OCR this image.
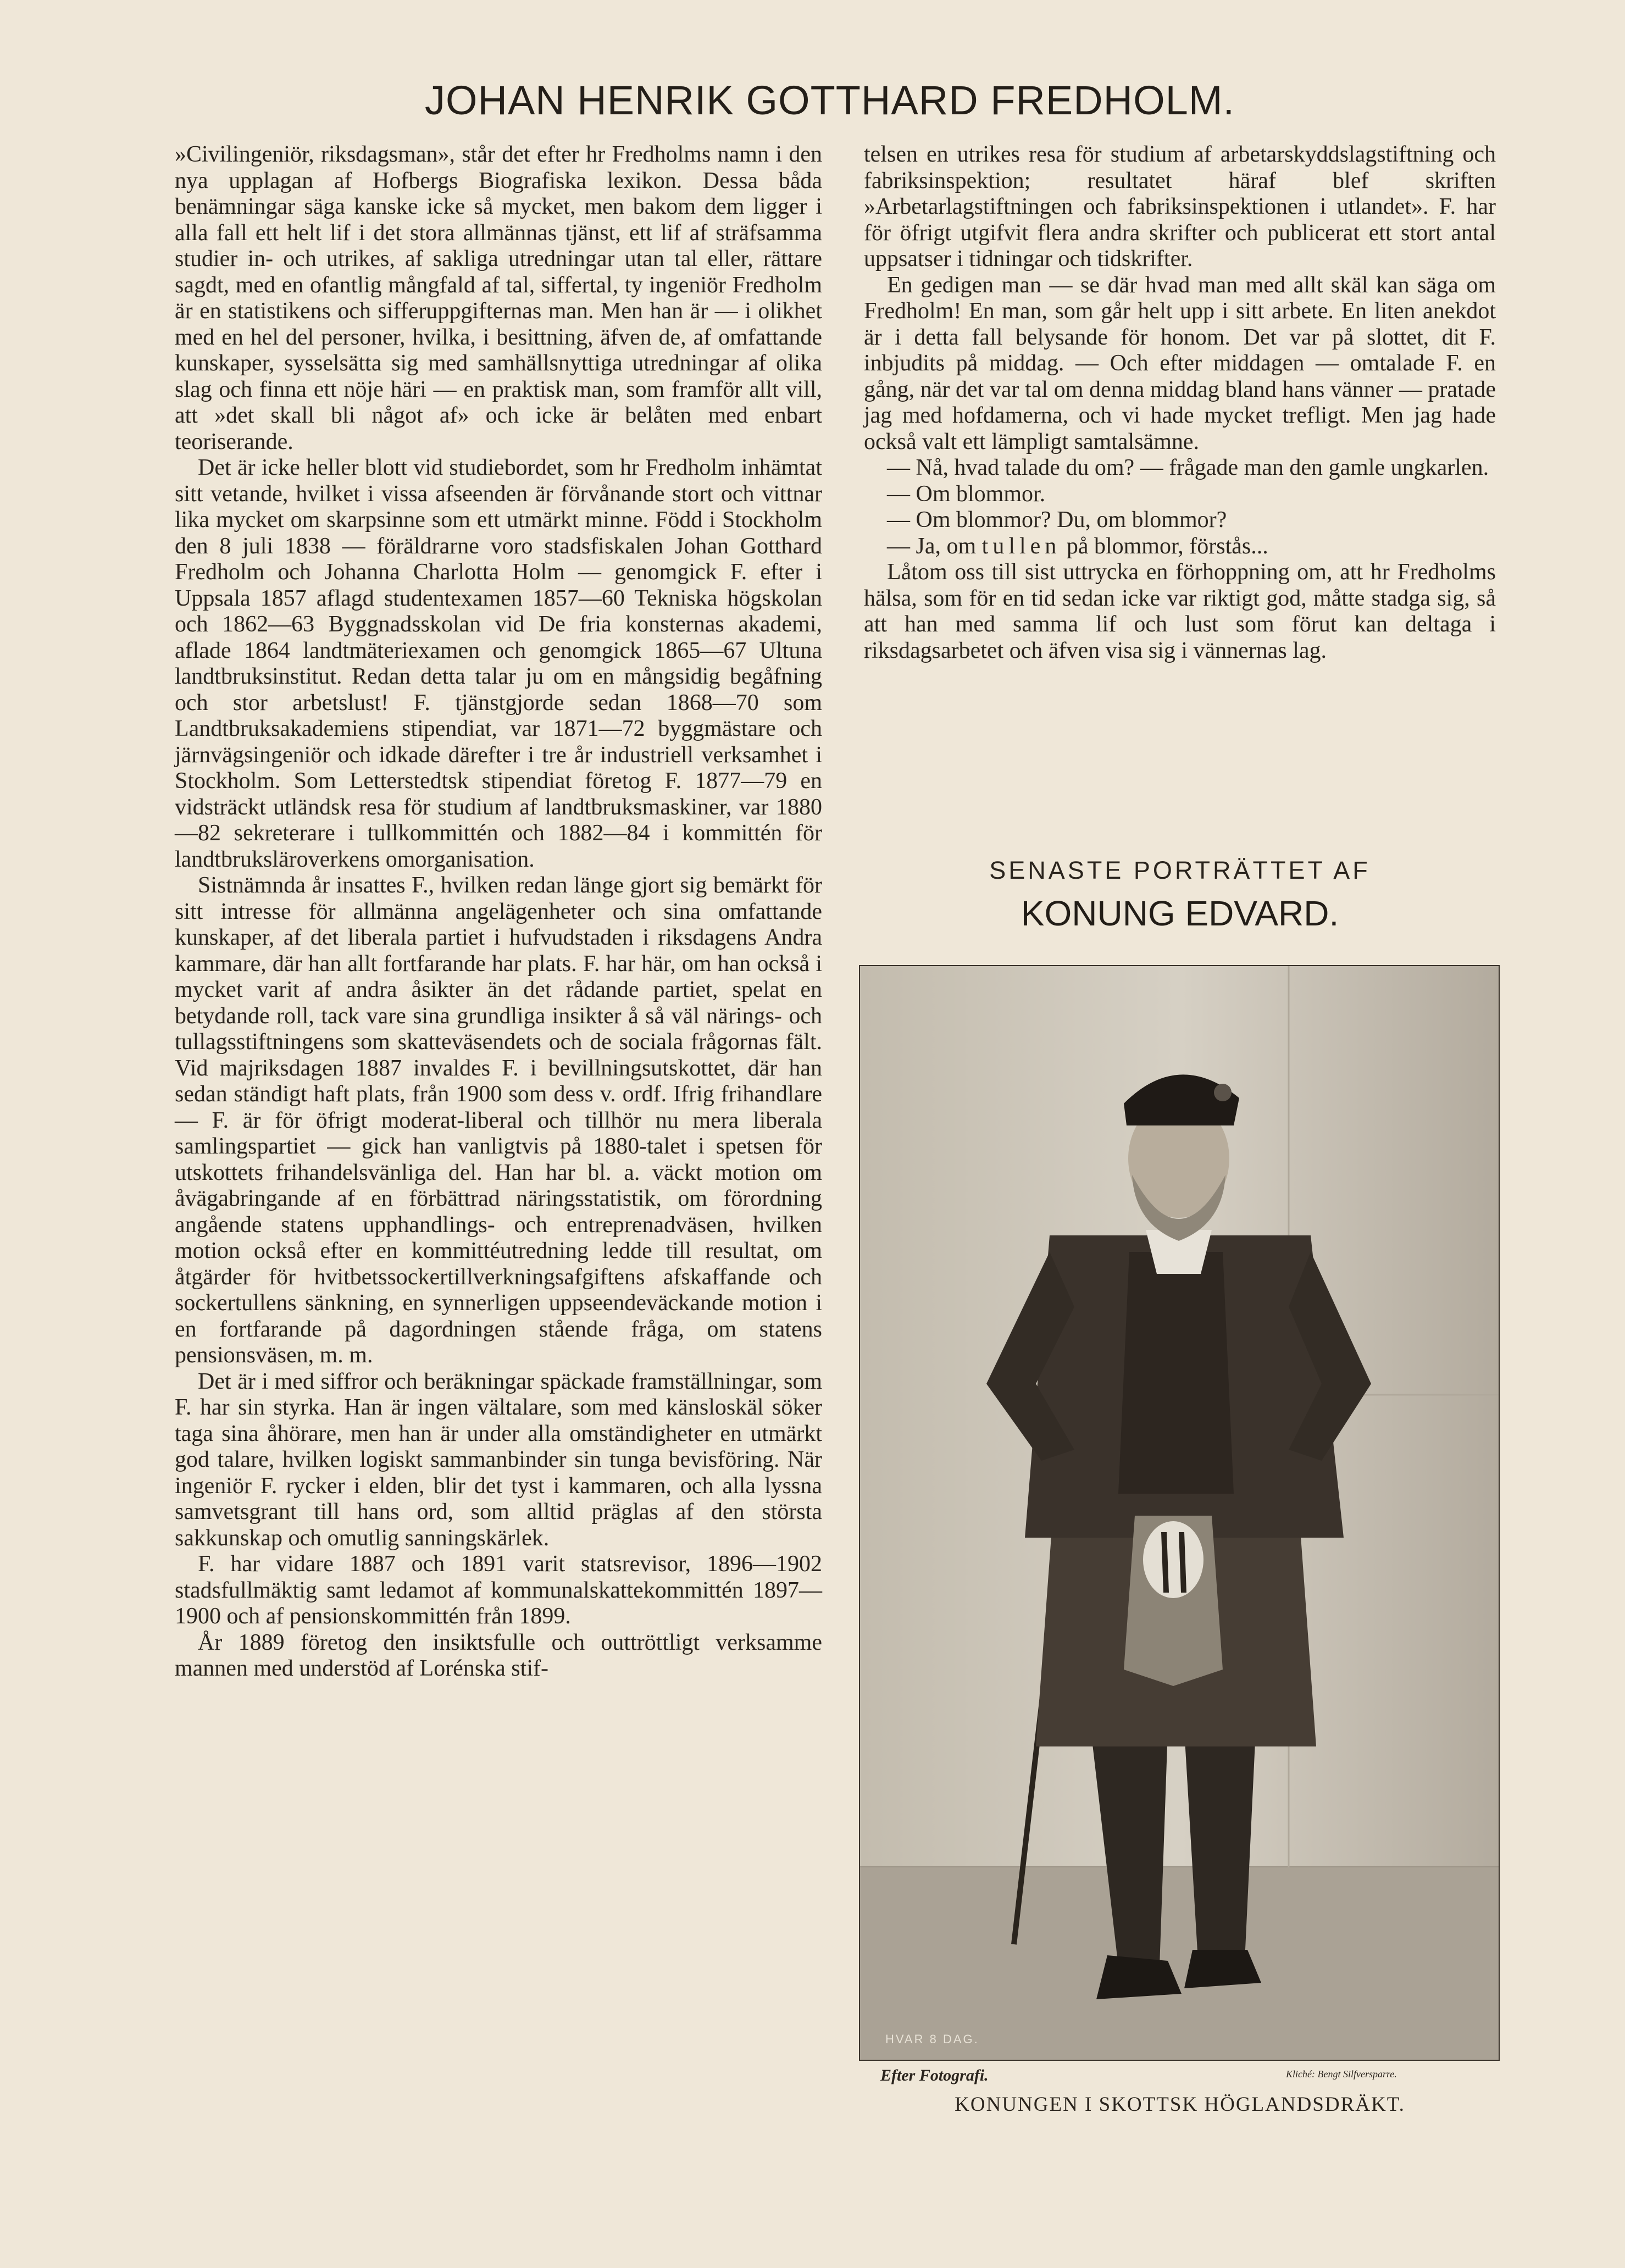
JOHAN HENRIK GOTTHARD FREDHOLM.

»Civilingeniör, riksdagsman», står det efter hr Fredholms namn i den nya upplagan af Hofbergs Biografiska lexikon. Dessa båda benämningar säga kanske icke så mycket, men bakom dem ligger i alla fall ett helt lif i det stora allmännas tjänst, ett lif af sträfsamma studier in- och utrikes, af sakliga utredningar utan tal eller, rättare sagdt, med en ofantlig mångfald af tal, siffertal, ty ingeniör Fredholm är en statistikens och sifferuppgifternas man. Men han är — i olikhet med en hel del personer, hvilka, i besittning, äfven de, af omfattande kunskaper, sysselsätta sig med samhällsnyttiga utredningar af olika slag och finna ett nöje häri — en praktisk man, som framför allt vill, att »det skall bli något af» och icke är belåten med enbart teoriserande.

Det är icke heller blott vid studiebordet, som hr Fredholm inhämtat sitt vetande, hvilket i vissa afseenden är förvånande stort och vittnar lika mycket om skarpsinne som ett utmärkt minne. Född i Stockholm den 8 juli 1838 — föräldrarne voro stadsfiskalen Johan Gotthard Fredholm och Johanna Charlotta Holm — genomgick F. efter i Uppsala 1857 aflagd studentexamen 1857—60 Tekniska högskolan och 1862—63 Byggnadsskolan vid De fria konsternas akademi, aflade 1864 landtmäteriexamen och genomgick 1865—67 Ultuna landtbruksinstitut. Redan detta talar ju om en mångsidig begåfning och stor arbetslust! F. tjänstgjorde sedan 1868—70 som Landtbruksakademiens stipendiat, var 1871—72 byggmästare och järnvägsingeniör och idkade därefter i tre år industriell verksamhet i Stockholm. Som Letterstedtsk stipendiat företog F. 1877—79 en vidsträckt utländsk resa för studium af landtbruksmaskiner, var 1880—82 sekreterare i tullkommittén och 1882—84 i kommittén för landtbruksläroverkens omorganisation.

Sistnämnda år insattes F., hvilken redan länge gjort sig bemärkt för sitt intresse för allmänna angelägenheter och sina omfattande kunskaper, af det liberala partiet i hufvudstaden i riksdagens Andra kammare, där han allt fortfarande har plats. F. har här, om han också i mycket varit af andra åsikter än det rådande partiet, spelat en betydande roll, tack vare sina grundliga insikter å så väl närings- och tullagsstiftningens som skatteväsendets och de sociala frågornas fält. Vid majriksdagen 1887 invaldes F. i bevillningsutskottet, där han sedan ständigt haft plats, från 1900 som dess v. ordf. Ifrig frihandlare — F. är för öfrigt moderat-liberal och tillhör nu mera liberala samlingspartiet — gick han vanligtvis på 1880-talet i spetsen för utskottets frihandelsvänliga del. Han har bl. a. väckt motion om åvägabringande af en förbättrad näringsstatistik, om förordning angående statens upphandlings- och entreprenadväsen, hvilken motion också efter en kommittéutredning ledde till resultat, om åtgärder för hvitbetssockertillverkningsafgiftens afskaffande och sockertullens sänkning, en synnerligen uppseendeväckande motion i en fortfarande på dagordningen stående fråga, om statens pensionsväsen, m. m.

Det är i med siffror och beräkningar späckade framställningar, som F. har sin styrka. Han är ingen vältalare, som med känsloskäl söker taga sina åhörare, men han är under alla omständigheter en utmärkt god talare, hvilken logiskt sammanbinder sin tunga bevisföring. När ingeniör F. rycker i elden, blir det tyst i kammaren, och alla lyssna samvetsgrant till hans ord, som alltid präglas af den största sakkunskap och omutlig sanningskärlek.

F. har vidare 1887 och 1891 varit statsrevisor, 1896—1902 stadsfullmäktig samt ledamot af kommunalskattekommittén 1897—1900 och af pensionskommittén från 1899.

År 1889 företog den insiktsfulle och outtröttligt verksamme mannen med understöd af Lorénska stif-

telsen en utrikes resa för studium af arbetarskyddslagstiftning och fabriksinspektion; resultatet häraf blef skriften »Arbetarlagstiftningen och fabriksinspektionen i utlandet». F. har för öfrigt utgifvit flera andra skrifter och publicerat ett stort antal uppsatser i tidningar och tidskrifter.

En gedigen man — se där hvad man med allt skäl kan säga om Fredholm! En man, som går helt upp i sitt arbete. En liten anekdot är i detta fall belysande för honom. Det var på slottet, dit F. inbjudits på middag. — Och efter middagen — omtalade F. en gång, när det var tal om denna middag bland hans vänner — pratade jag med hofdamerna, och vi hade mycket trefligt. Men jag hade också valt ett lämpligt samtalsämne.

— Nå, hvad talade du om? — frågade man den gamle ungkarlen.

— Om blommor.

— Om blommor? Du, om blommor?

— Ja, om tullen på blommor, förstås...

Låtom oss till sist uttrycka en förhoppning om, att hr Fredholms hälsa, som för en tid sedan icke var riktigt god, måtte stadga sig, så att han med samma lif och lust som förut kan deltaga i riksdagsarbetet och äfven visa sig i vännernas lag.

SENASTE PORTRÄTTET AF
KONUNG EDVARD.
HVAR 8 DAG.
Efter Fotografi.	Kliché: Bengt Silfversparre.
KONUNGEN I SKOTTSK HÖGLANDSDRÄKT.
